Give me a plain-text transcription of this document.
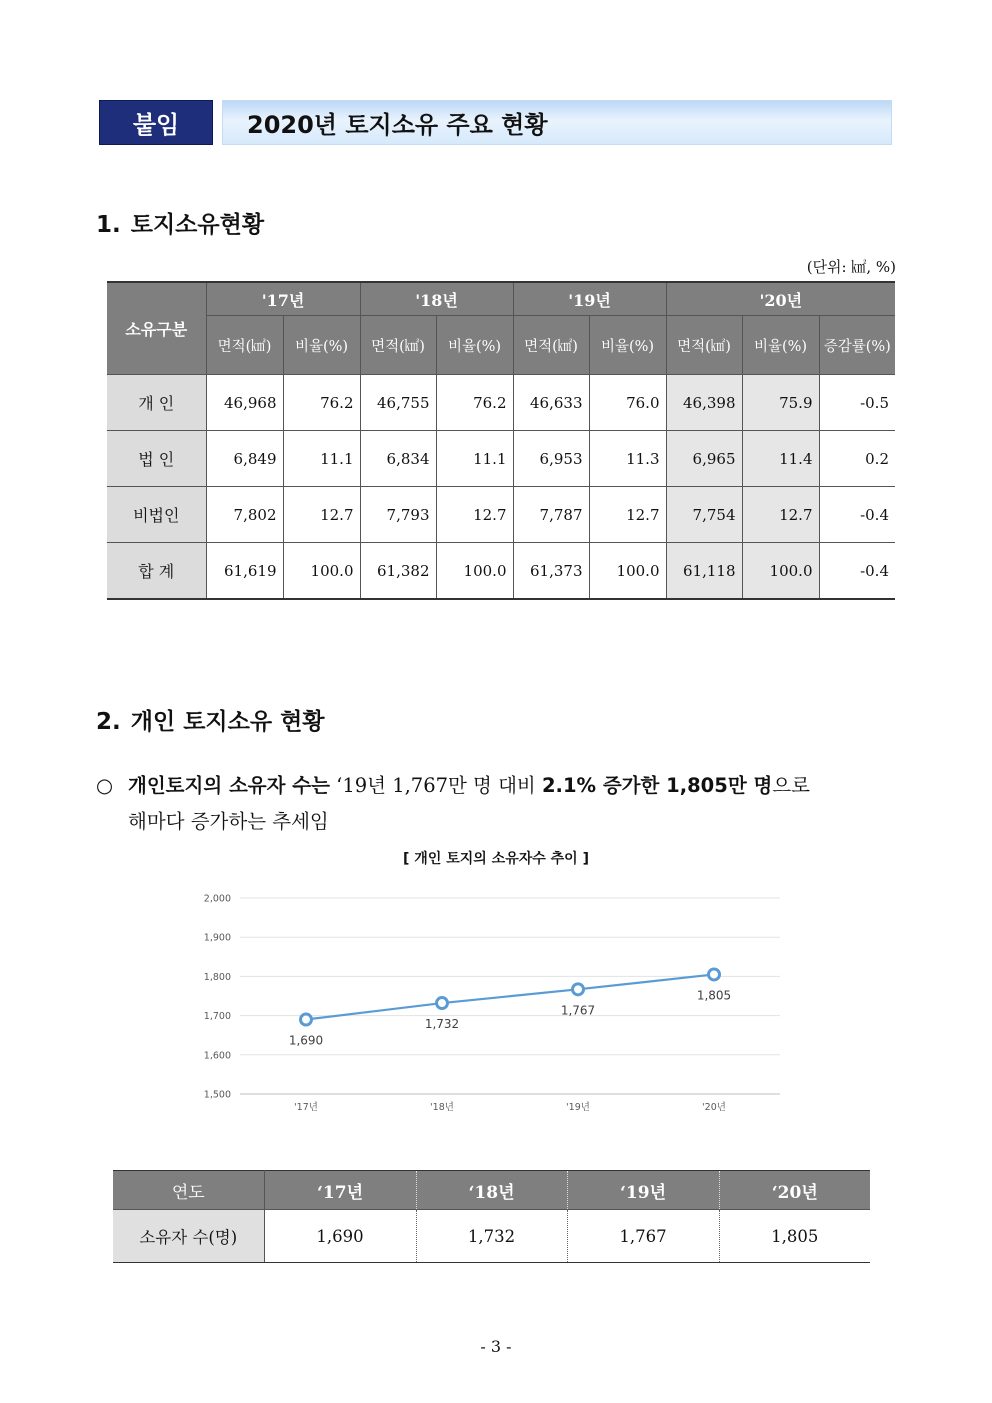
붙임	2020년 토지소유 주요 현황
1. 토지소유현황
(단위: ㎢, %)
소유구분	'17년		'18년		'19년		'20년		
	면적(㎢)	비율(%)	면적(㎢)	비율(%)	면적(㎢)	비율(%)	면적(㎢)	비율(%)	증감률(%)
개 인	46,968	76.2	46,755	76.2	46,633	76.0	46,398	75.9	-0.5
법 인	6,849	11.1	6,834	11.1	6,953	11.3	6,965	11.4	0.2
비법인	7,802	12.7	7,793	12.7	7,787	12.7	7,754	12.7	-0.4
합 계	61,619	100.0	61,382	100.0	61,373	100.0	61,118	100.0	-0.4
2. 개인 토지소유 현황
○ 개인토지의 소유자 수는 ‘19년 1,767만 명 대비 2.1% 증가한 1,805만 명으로
해마다 증가하는 추세임
[ 개인 토지의 소유자수 추이 ]
2,000
1,900
1,800
1,700
1,600
1,500
'17년	'18년	'19년	'20년
1,690
1,732
1,767
1,805
연도	‘17년	‘18년	‘19년	‘20년
소유자 수(명)	1,690	1,732	1,767	1,805
- 3 -
